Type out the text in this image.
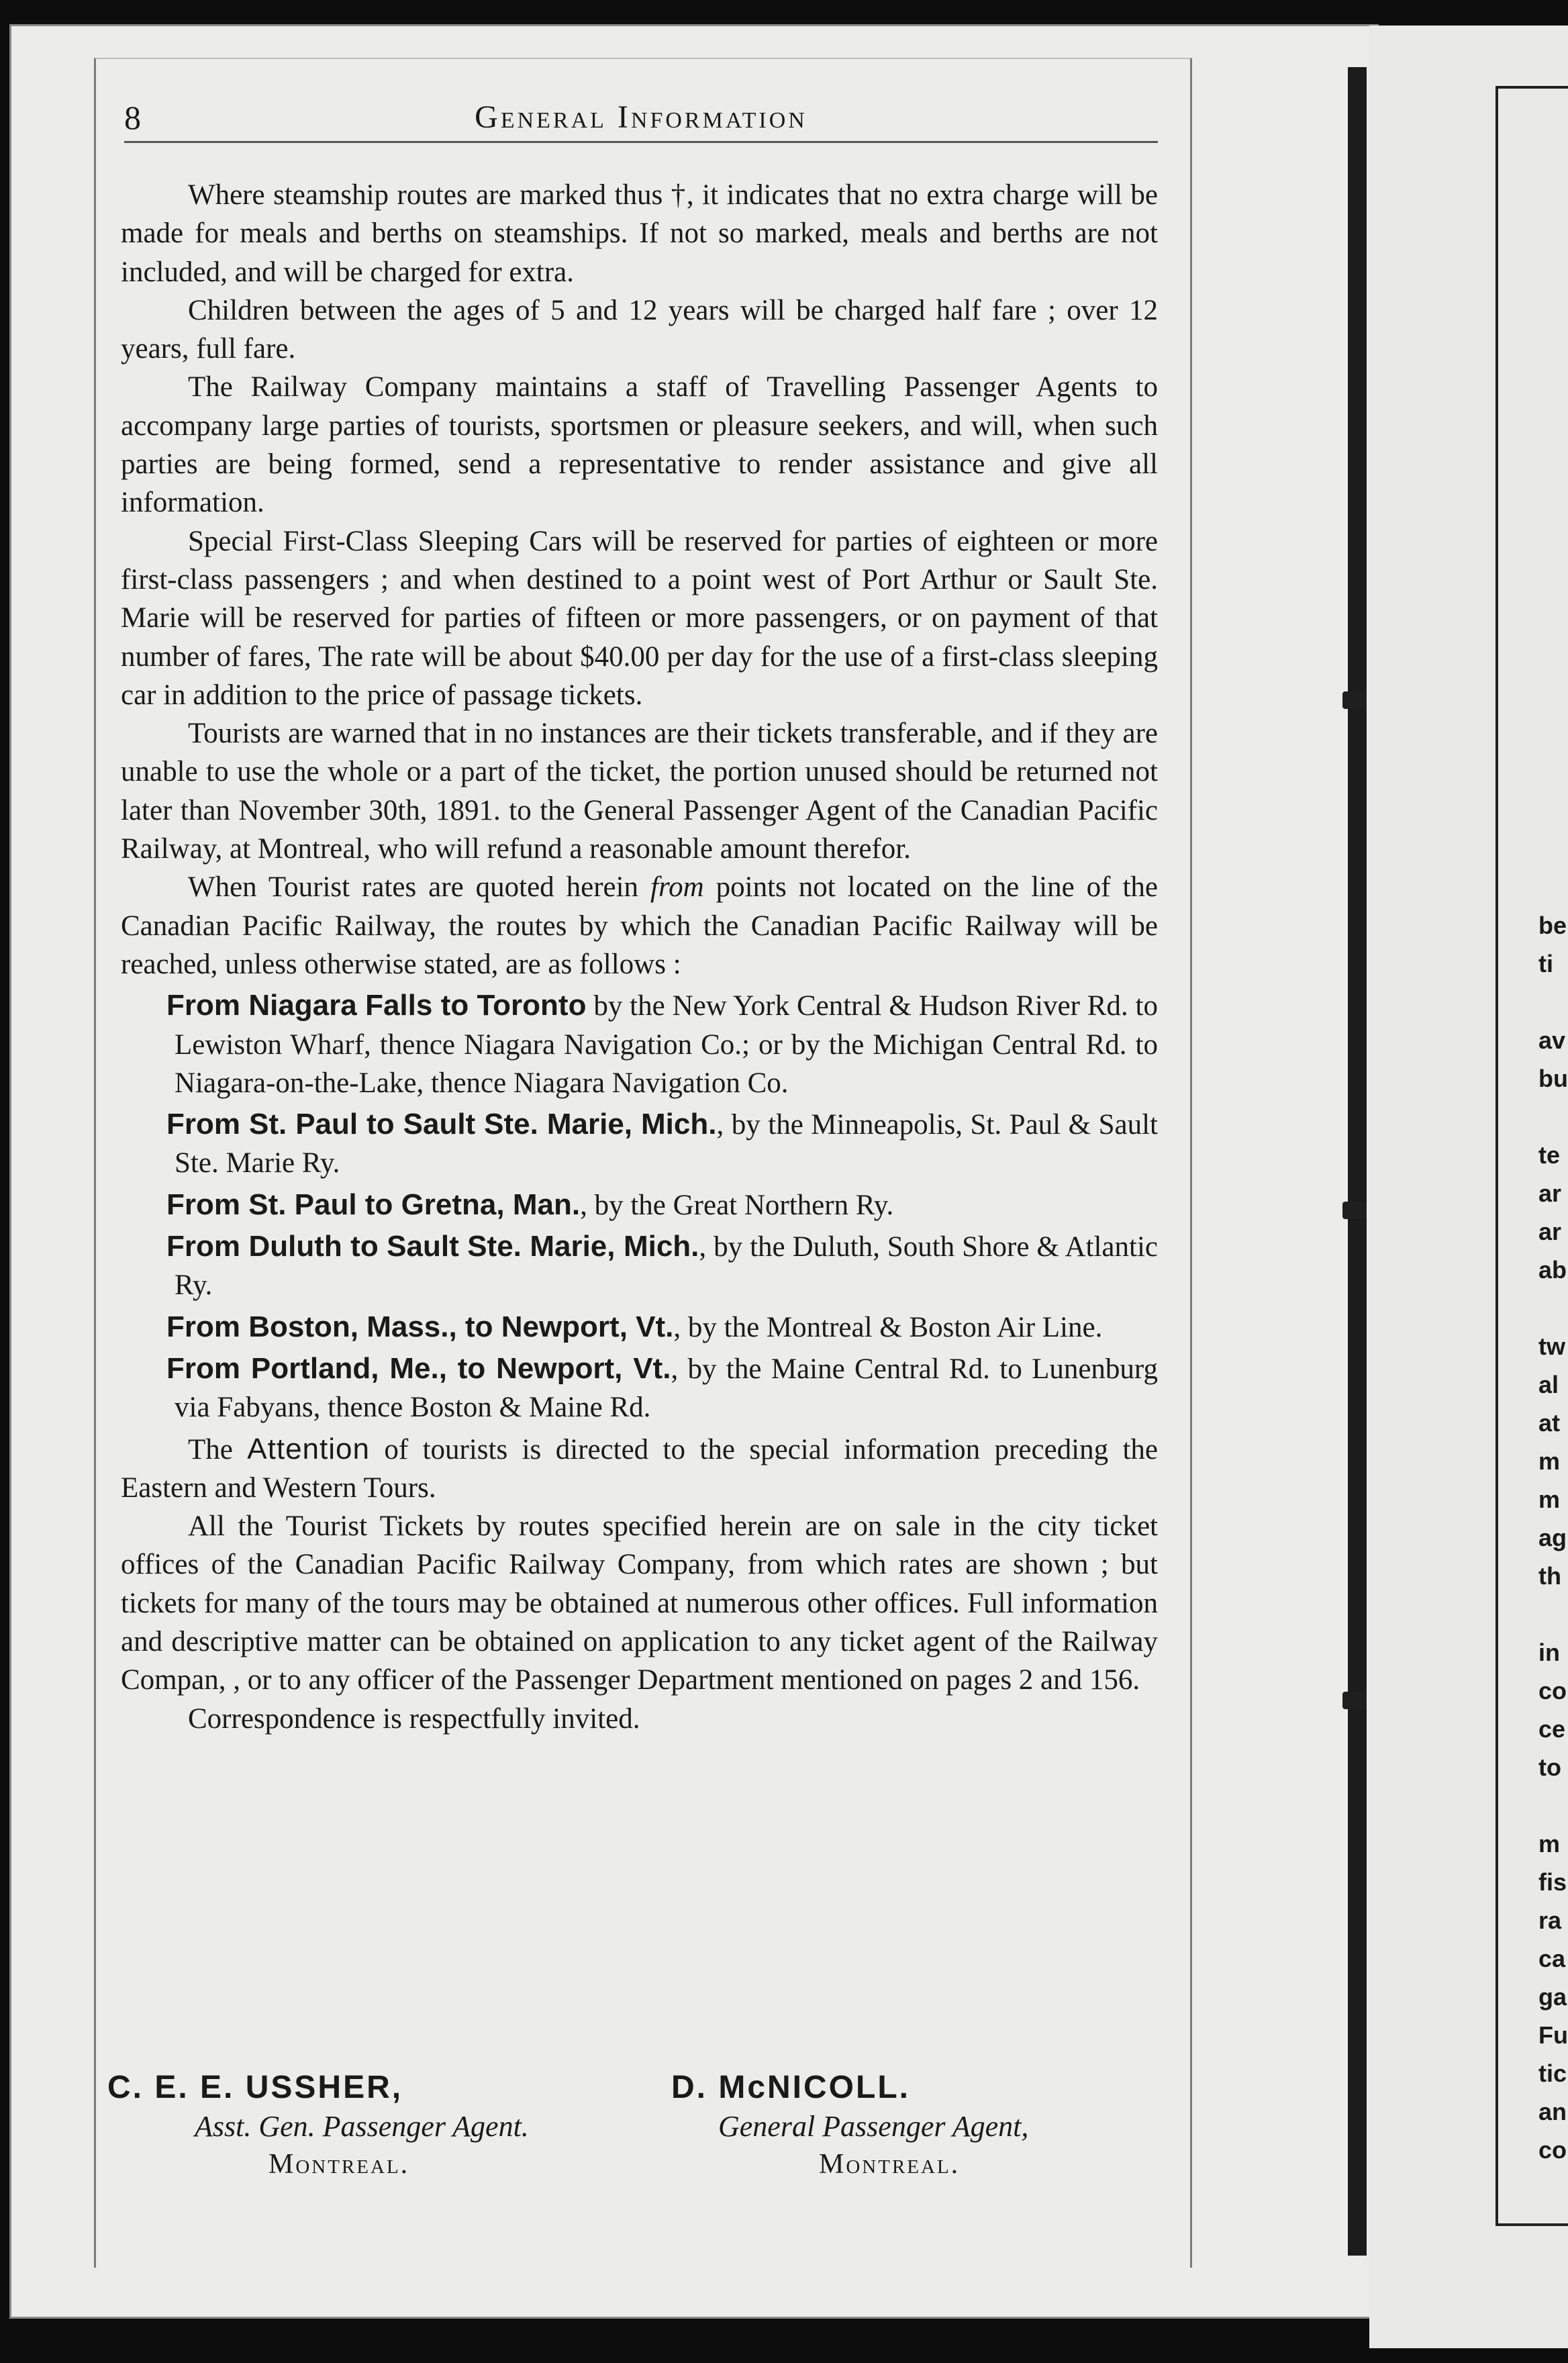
8	General Information

Where steamship routes are marked thus †, it indicates that no extra charge will be made for meals and berths on steamships. If not so marked, meals and berths are not included, and will be charged for extra.

Children between the ages of 5 and 12 years will be charged half fare ; over 12 years, full fare.

The Railway Company maintains a staff of Travelling Passenger Agents to accompany large parties of tourists, sportsmen or pleasure seekers, and will, when such parties are being formed, send a representative to render assistance and give all information.

Special First-Class Sleeping Cars will be reserved for parties of eighteen or more first-class passengers ; and when destined to a point west of Port Arthur or Sault Ste. Marie will be reserved for parties of fifteen or more passengers, or on payment of that number of fares, The rate will be about $40.00 per day for the use of a first-class sleeping car in addition to the price of passage tickets.

Tourists are warned that in no instances are their tickets transferable, and if they are unable to use the whole or a part of the ticket, the portion unused should be returned not later than November 30th, 1891. to the General Passenger Agent of the Canadian Pacific Railway, at Montreal, who will refund a reasonable amount therefor.

When Tourist rates are quoted herein from points not located on the line of the Canadian Pacific Railway, the routes by which the Canadian Pacific Railway will be reached, unless otherwise stated, are as follows :

From Niagara Falls to Toronto by the New York Central & Hudson River Rd. to Lewiston Wharf, thence Niagara Navigation Co.; or by the Michigan Central Rd. to Niagara-on-the-Lake, thence Niagara Navigation Co.
From St. Paul to Sault Ste. Marie, Mich., by the Minneapolis, St. Paul & Sault Ste. Marie Ry.
From St. Paul to Gretna, Man., by the Great Northern Ry.
From Duluth to Sault Ste. Marie, Mich., by the Duluth, South Shore & Atlantic Ry.
From Boston, Mass., to Newport, Vt., by the Montreal & Boston Air Line.
From Portland, Me., to Newport, Vt., by the Maine Central Rd. to Lunenburg via Fabyans, thence Boston & Maine Rd.

The Attention of tourists is directed to the special information preceding the Eastern and Western Tours.

All the Tourist Tickets by routes specified herein are on sale in the city ticket offices of the Canadian Pacific Railway Company, from which rates are shown ; but tickets for many of the tours may be obtained at numerous other offices. Full information and descriptive matter can be obtained on application to any ticket agent of the Railway Compan, , or to any officer of the Passenger Department mentioned on pages 2 and 156.

Correspondence is respectfully invited.

C. E. E. USSHER,
Asst. Gen. Passenger Agent.
Montreal.
D. McNICOLL.
General Passenger Agent,
Montreal.
be
ti
av
bu
te
ar
ar
ab
tw
al
at
m
m
ag
th
in
co
ce
to
m
fis
ra
ca
ga
Fu
tic
an
co
